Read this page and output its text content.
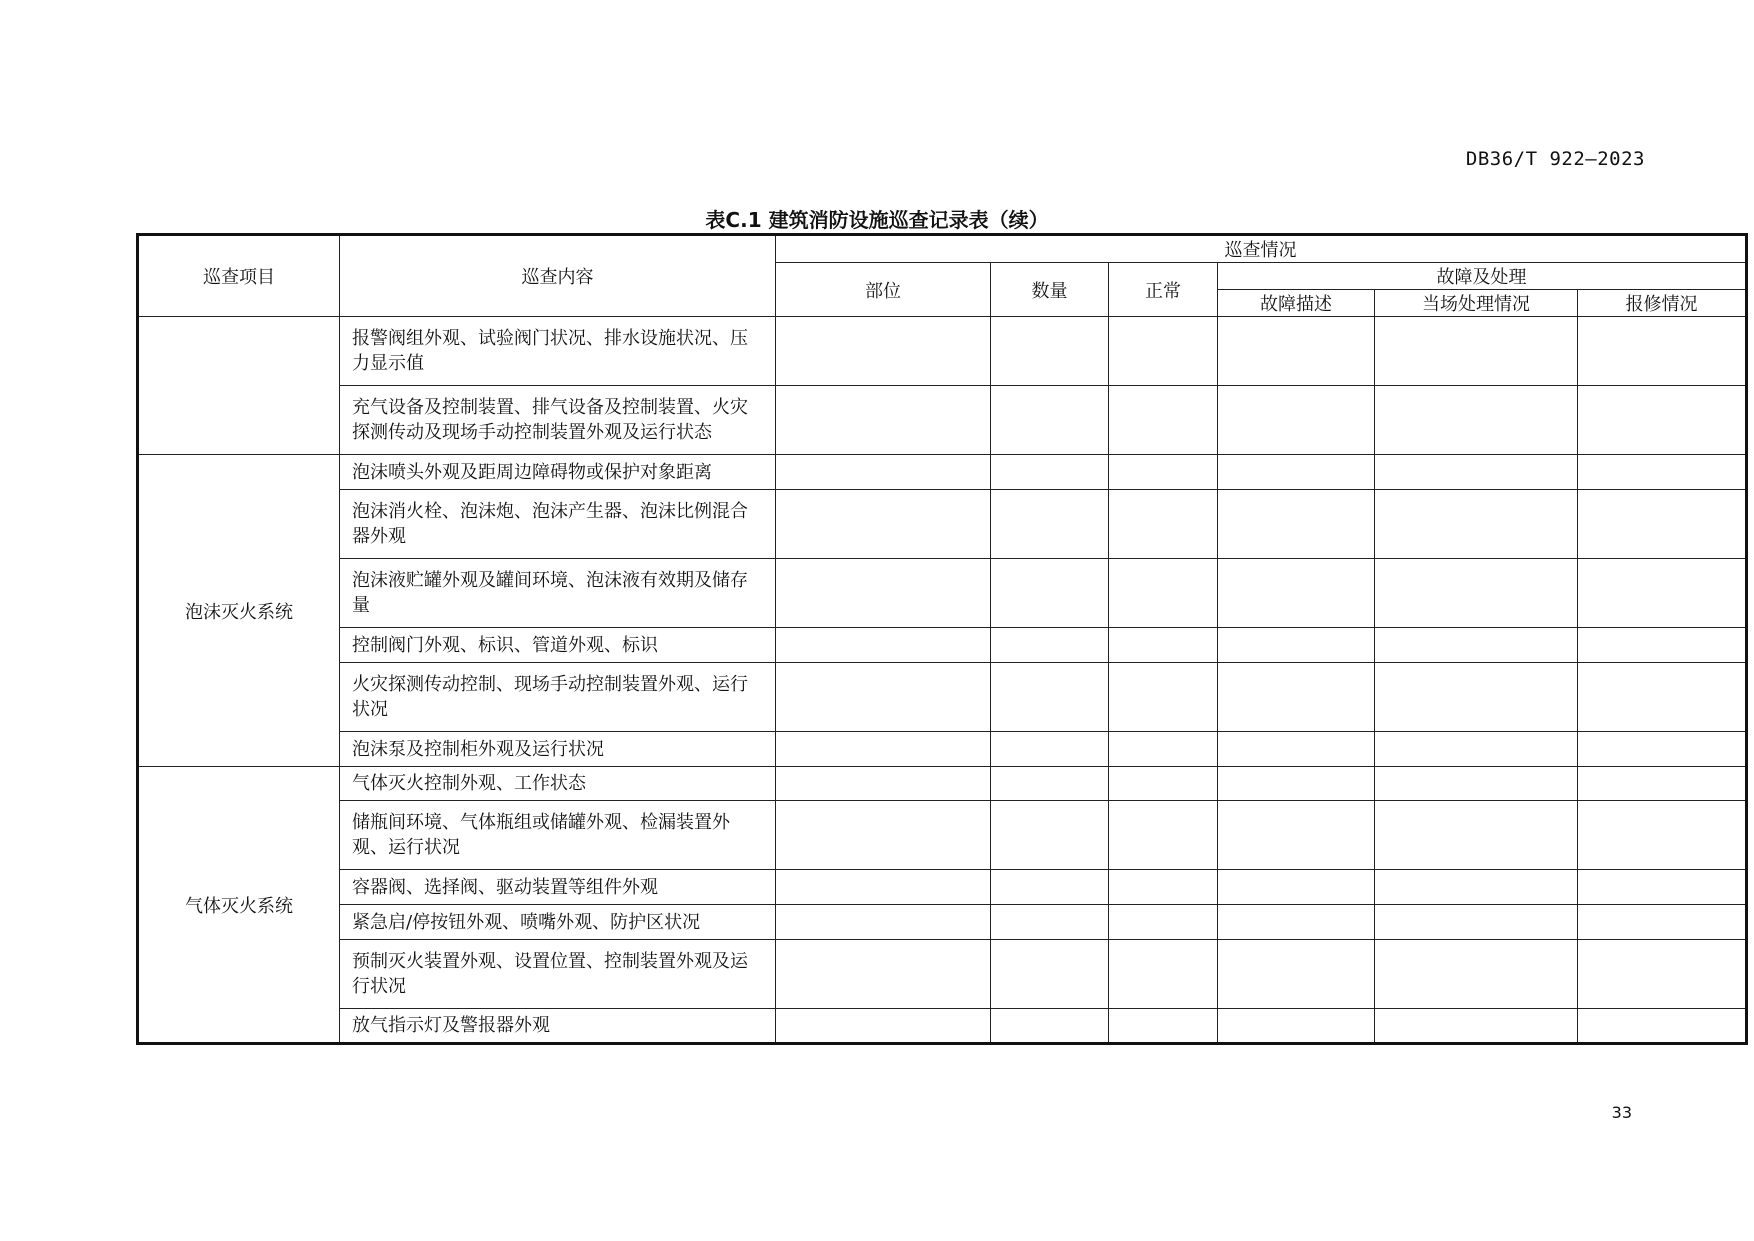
DB36/T 922—2023
表C.1 建筑消防设施巡查记录表（续）
巡查项目	巡查内容	巡查情况					
		部位	数量	正常	故障及处理		
					故障描述	当场处理情况	报修情况
	报警阀组外观、试验阀门状况、排水设施状况、压力显示值						
	充气设备及控制装置、排气设备及控制装置、火灾探测传动及现场手动控制装置外观及运行状态						
泡沫灭火系统	泡沫喷头外观及距周边障碍物或保护对象距离						
	泡沫消火栓、泡沫炮、泡沫产生器、泡沫比例混合器外观						
	泡沫液贮罐外观及罐间环境、泡沫液有效期及储存量						
	控制阀门外观、标识、管道外观、标识						
	火灾探测传动控制、现场手动控制装置外观、运行状况						
	泡沫泵及控制柜外观及运行状况						
气体灭火系统	气体灭火控制外观、工作状态						
	储瓶间环境、气体瓶组或储罐外观、检漏装置外观、运行状况						
	容器阀、选择阀、驱动装置等组件外观						
	紧急启/停按钮外观、喷嘴外观、防护区状况						
	预制灭火装置外观、设置位置、控制装置外观及运行状况						
	放气指示灯及警报器外观						
33
